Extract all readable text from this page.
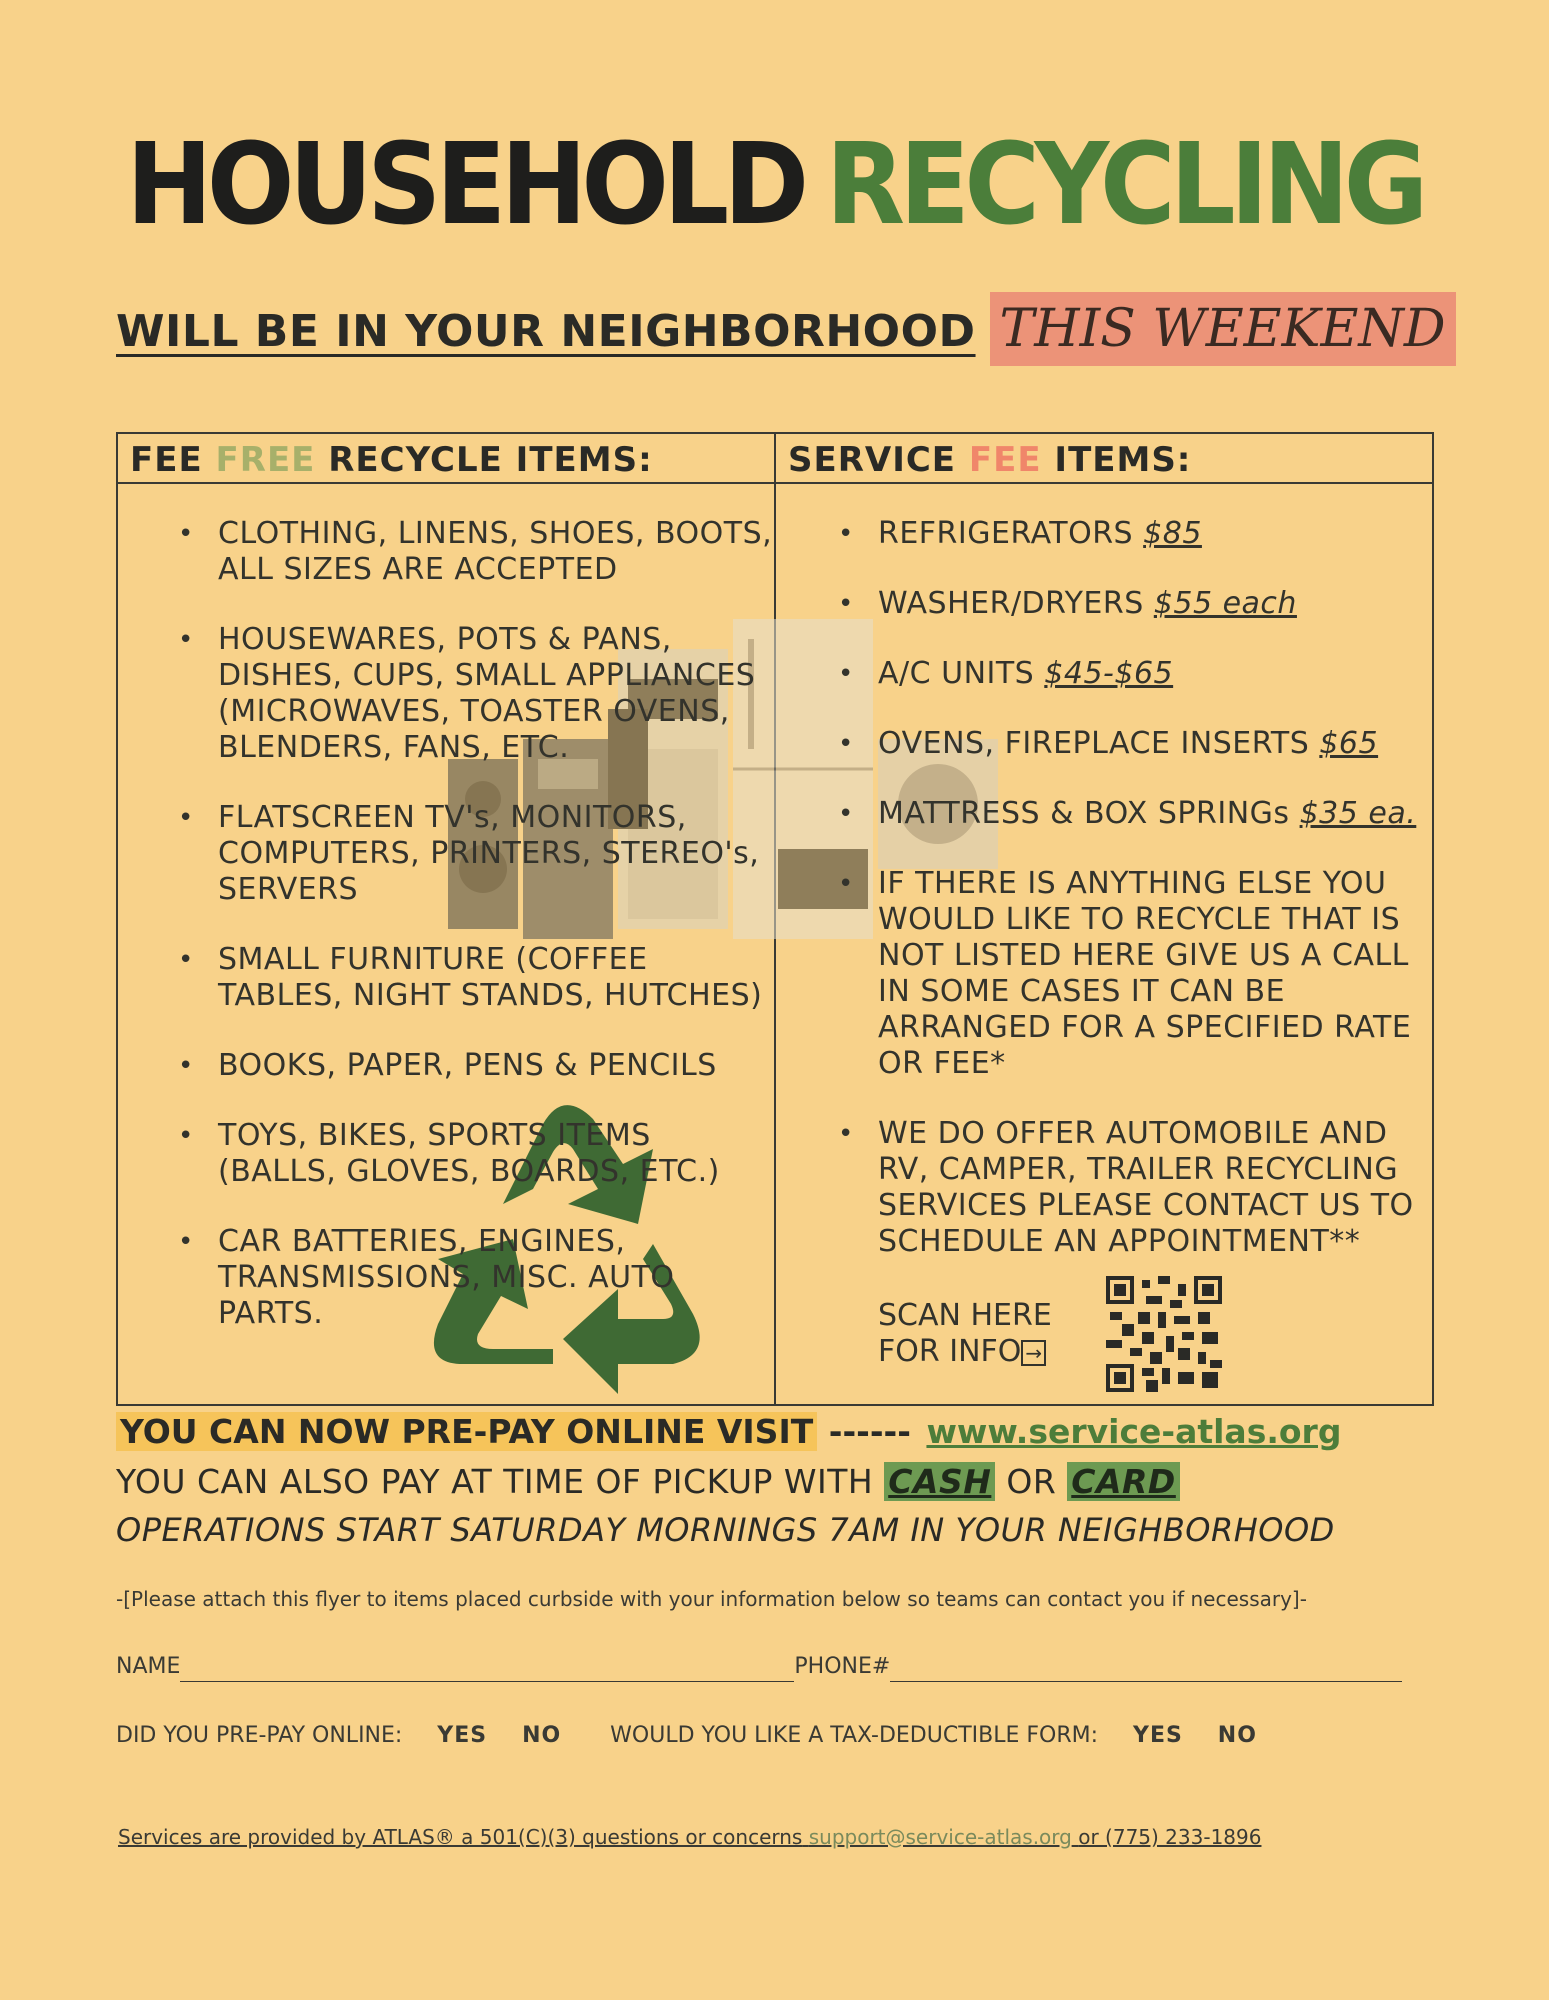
HOUSEHOLD RECYCLING
WILL BE IN YOUR NEIGHBORHOOD THIS WEEKEND
FEE FREE RECYCLE ITEMS:	SERVICE FEE ITEMS:
• CLOTHING, LINENS, SHOES, BOOTS, ALL SIZES ARE ACCEPTED
• HOUSEWARES, POTS & PANS, DISHES, CUPS, SMALL APPLIANCES (MICROWAVES, TOASTER OVENS, BLENDERS, FANS, ETC.
• FLATSCREEN TV's, MONITORS, COMPUTERS, PRINTERS, STEREO's, SERVERS
• SMALL FURNITURE (COFFEE TABLES, NIGHT STANDS, HUTCHES)
• BOOKS, PAPER, PENS & PENCILS
• TOYS, BIKES, SPORTS ITEMS (BALLS, GLOVES, BOARDS, ETC.)
• CAR BATTERIES, ENGINES, TRANSMISSIONS, MISC. AUTO PARTS.
• REFRIGERATORS $85
• WASHER/DRYERS $55 each
• A/C UNITS $45-$65
• OVENS, FIREPLACE INSERTS $65
• MATTRESS & BOX SPRINGs $35 ea.
• IF THERE IS ANYTHING ELSE YOU WOULD LIKE TO RECYCLE THAT IS NOT LISTED HERE GIVE US A CALL IN SOME CASES IT CAN BE ARRANGED FOR A SPECIFIED RATE OR FEE*
• WE DO OFFER AUTOMOBILE AND RV, CAMPER, TRAILER RECYCLING SERVICES PLEASE CONTACT US TO SCHEDULE AN APPOINTMENT**
SCAN HERE
FOR INFO →
YOU CAN NOW PRE-PAY ONLINE VISIT ------ www.service-atlas.org
YOU CAN ALSO PAY AT TIME OF PICKUP WITH CASH OR CARD
OPERATIONS START SATURDAY MORNINGS 7AM IN YOUR NEIGHBORHOOD
-[Please attach this flyer to items placed curbside with your information below so teams can contact you if necessary]-
NAME	PHONE#
DID YOU PRE-PAY ONLINE: YES NO WOULD YOU LIKE A TAX-DEDUCTIBLE FORM: YES NO
Services are provided by ATLAS® a 501(C)(3) questions or concerns support@service-atlas.org or (775) 233-1896
